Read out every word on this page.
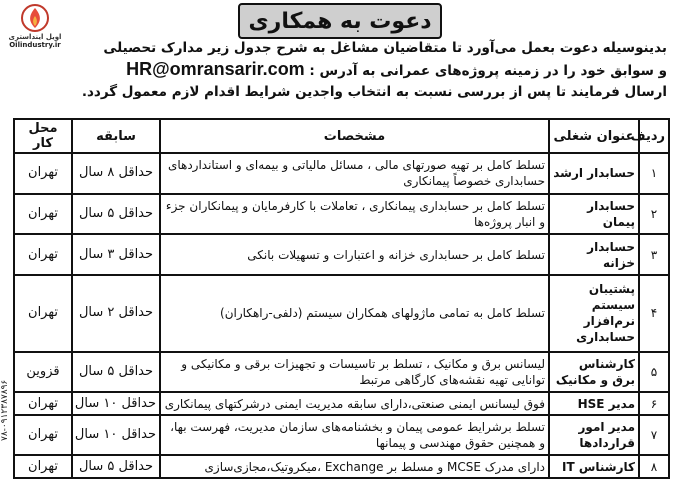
اویل اینداستری
Oilindustry.ir
دعوت به همکاری
بدینوسیله دعوت بعمل می‌آورد تا متقاضیان مشاغل به شرح جدول زیر مدارک تحصیلی
و سوابق خود را در زمینه پروژه‌های عمرانی به آدرس : HR@omransarir.com
ارسال فرمایند تا پس از بررسی نسبت به انتخاب واجدین شرایط اقدام لازم معمول گردد.
ردیف	عنوان شغلی	مشخصات	سابقه	محل کار
۱	حسابدار ارشد	تسلط کامل بر تهیه صورتهای مالی ، مسائل مالیاتی و بیمه‌ای و استانداردهای حسابداری خصوصاً پیمانکاری	حداقل ۸ سال	تهران
۲	حسابدار پیمان	تسلط کامل بر حسابداری پیمانکاری ، تعاملات با کارفرمایان و پیمانکاران جزء و انبار پروژه‌ها	حداقل ۵ سال	تهران
۳	حسابدار خزانه	تسلط کامل بر حسابداری خزانه و اعتبارات و تسهیلات بانکی	حداقل ۳ سال	تهران
۴	پشتیبان سیستم نرم‌افزار حسابداری	تسلط کامل به تمامی ماژولهای همکاران سیستم (دلفی-راهکاران)	حداقل ۲ سال	تهران
۵	کارشناس برق و مکانیک	لیسانس برق و مکانیک ، تسلط بر تاسیسات و تجهیزات برقی و مکانیکی و توانایی تهیه نقشه‌های کارگاهی مرتبط	حداقل ۵ سال	قزوین
۶	مدیر HSE	فوق لیسانس ایمنی صنعتی،دارای سابقه مدیریت ایمنی درشرکتهای پیمانکاری	حداقل ۱۰ سال	تهران
۷	مدیر امور قراردادها	تسلط برشرایط عمومی پیمان و بخشنامه‌های سازمان مدیریت، فهرست بها، و همچنین حقوق مهندسی و پیمانها	حداقل ۱۰ سال	تهران
۸	کارشناس IT	دارای مدرک MCSE و مسلط بر Exchange ،میکروتیک،مجازی‌سازی	حداقل ۵ سال	تهران
۷۸-۰۹۱۲۳۸۷۸۹۶
